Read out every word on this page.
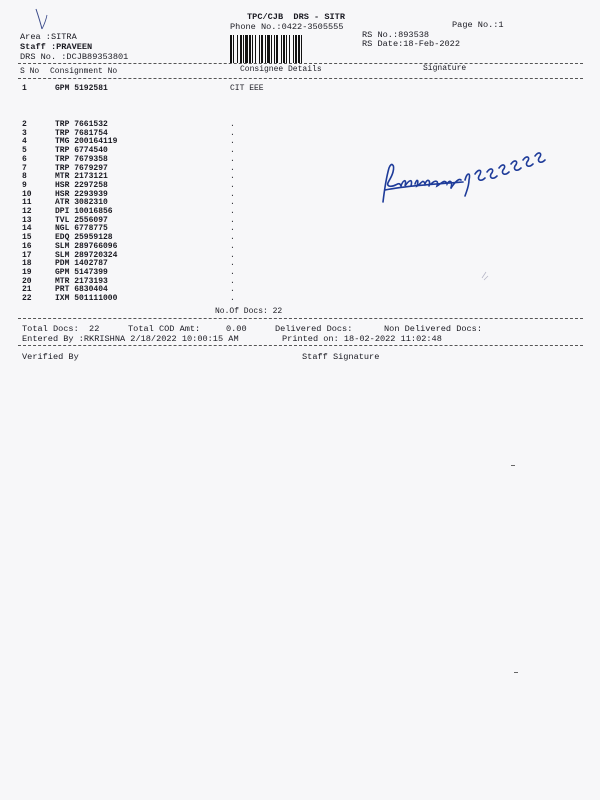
TPC/CJB  DRS - SITR
Phone No.:0422-3505555	Page No.:1
Area :SITRA
Staff :PRAVEEN
DRS No. :DCJB89353801
RS No.:893538
RS Date:18-Feb-2022
S No Consignment No	Consignee Details	Signature
1	GPM 5192581	CIT EEE
2	TRP 7661532	.
3	TRP 7681754	.
4	TMG 200164119	.
5	TRP 6774540	.
6	TRP 7679358	.
7	TRP 7679297	.
8	MTR 2173121	.
9	HSR 2297258	.
10	HSR 2293939	.
11	ATR 3082310	.
12	DPI 10016856	.
13	TVL 2556097	.
14	NGL 6778775	.
15	EDQ 25959128	.
16	SLM 289766096	.
17	SLM 289720324	.
18	PDM 1402787	.
19	GPM 5147399	.
20	MTR 2173193	.
21	PRT 6830404	.
22	IXM 501111000	.
No.Of Docs: 22
Total Docs:  22	Total COD Amt:     0.00	Delivered Docs:	Non Delivered Docs:
Entered By :RKRISHNA 2/18/2022 10:00:15 AM	Printed on: 18-02-2022 11:02:48
Verified By	Staff Signature
